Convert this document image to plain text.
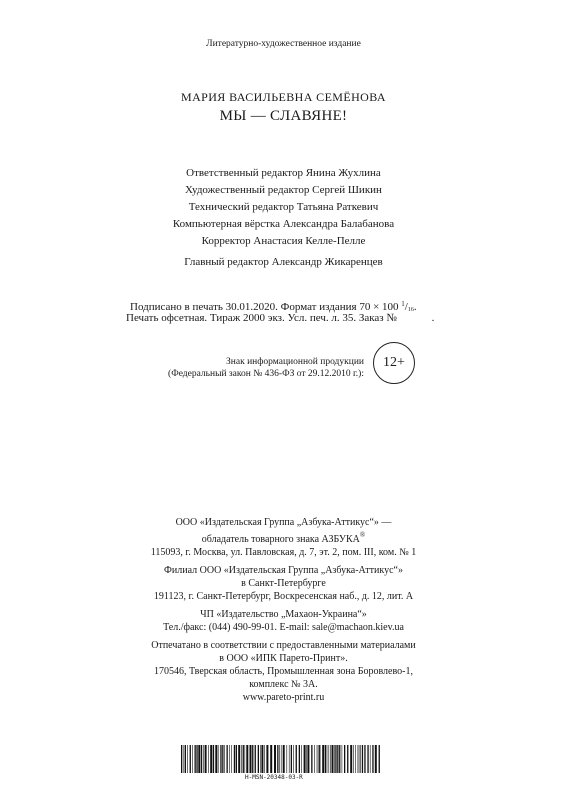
Литературно-художественное издание
МАРИЯ ВАСИЛЬЕВНА СЕМЁНОВА
МЫ — СЛАВЯНЕ!
Ответственный редактор Янина Жухлина
Художественный редактор Сергей Шикин
Технический редактор Татьяна Раткевич
Компьютерная вёрстка Александра Балабанова
Корректор Анастасия Келле-Пелле
Главный редактор Александр Жикаренцев
Подписано в печать 30.01.2020. Формат издания 70 × 100 $^1$/16.
Печать офсетная. Тираж 2000 экз. Усл. печ. л. 35. Заказ №	.
Знак информационной продукции
(Федеральный закон № 436-ФЗ от 29.12.2010 г.):
12+
ООО «Издательская Группа „Азбука-Аттикус“» —
обладатель товарного знака АЗБУКА®
115093, г. Москва, ул. Павловская, д. 7, эт. 2, пом. III, ком. № 1
Филиал ООО «Издательская Группа „Азбука-Аттикус“»
в Санкт-Петербурге
191123, г. Санкт-Петербург, Воскресенская наб., д. 12, лит. А
ЧП «Издательство „Махаон-Украина“»
Тел./факс: (044) 490-99-01. E-mail: sale@machaon.kiev.ua
Отпечатано в соответствии с предоставленными материалами
в ООО «ИПК Парето-Принт».
170546, Тверская область, Промышленная зона Боровлево-1,
комплекс № 3А.
www.pareto-print.ru
H-MSN-20348-03-R
